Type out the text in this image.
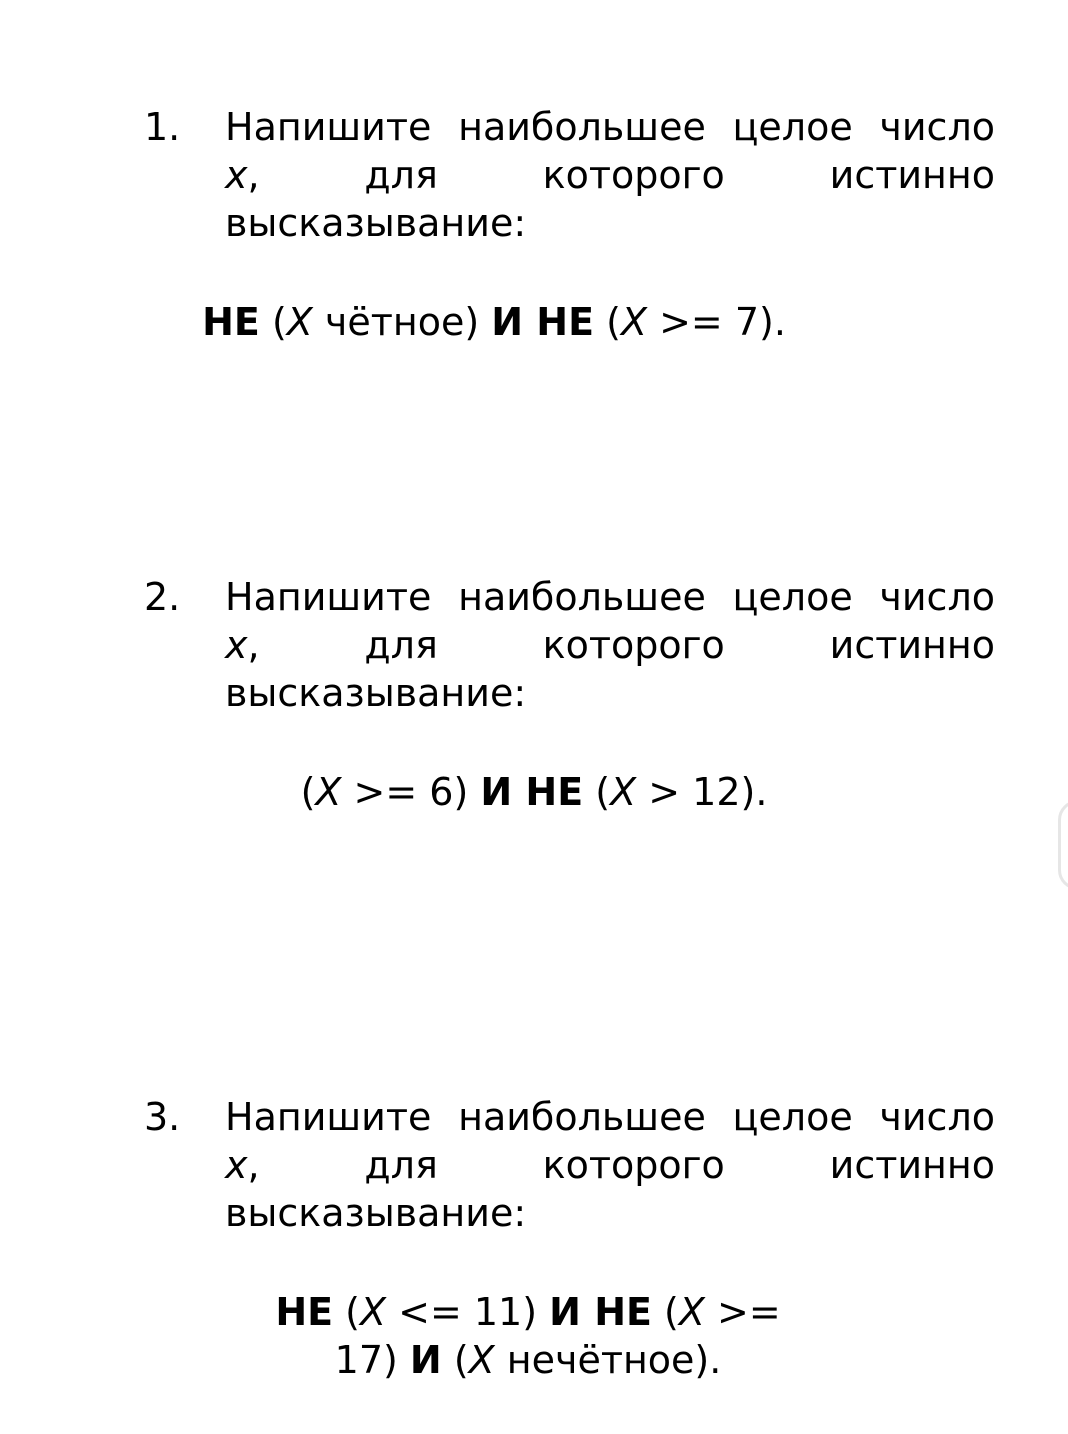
1. Напишите наибольшее целое число x, для которого истинно высказывание:
НЕ (X чётное) И НЕ (X >= 7).
2. Напишите наибольшее целое число x, для которого истинно высказывание:
(X >= 6) И НЕ (X > 12).
3. Напишите наибольшее целое число x, для которого истинно высказывание:
НЕ (X <= 11) И НЕ (X >=
17) И (X нечётное).
